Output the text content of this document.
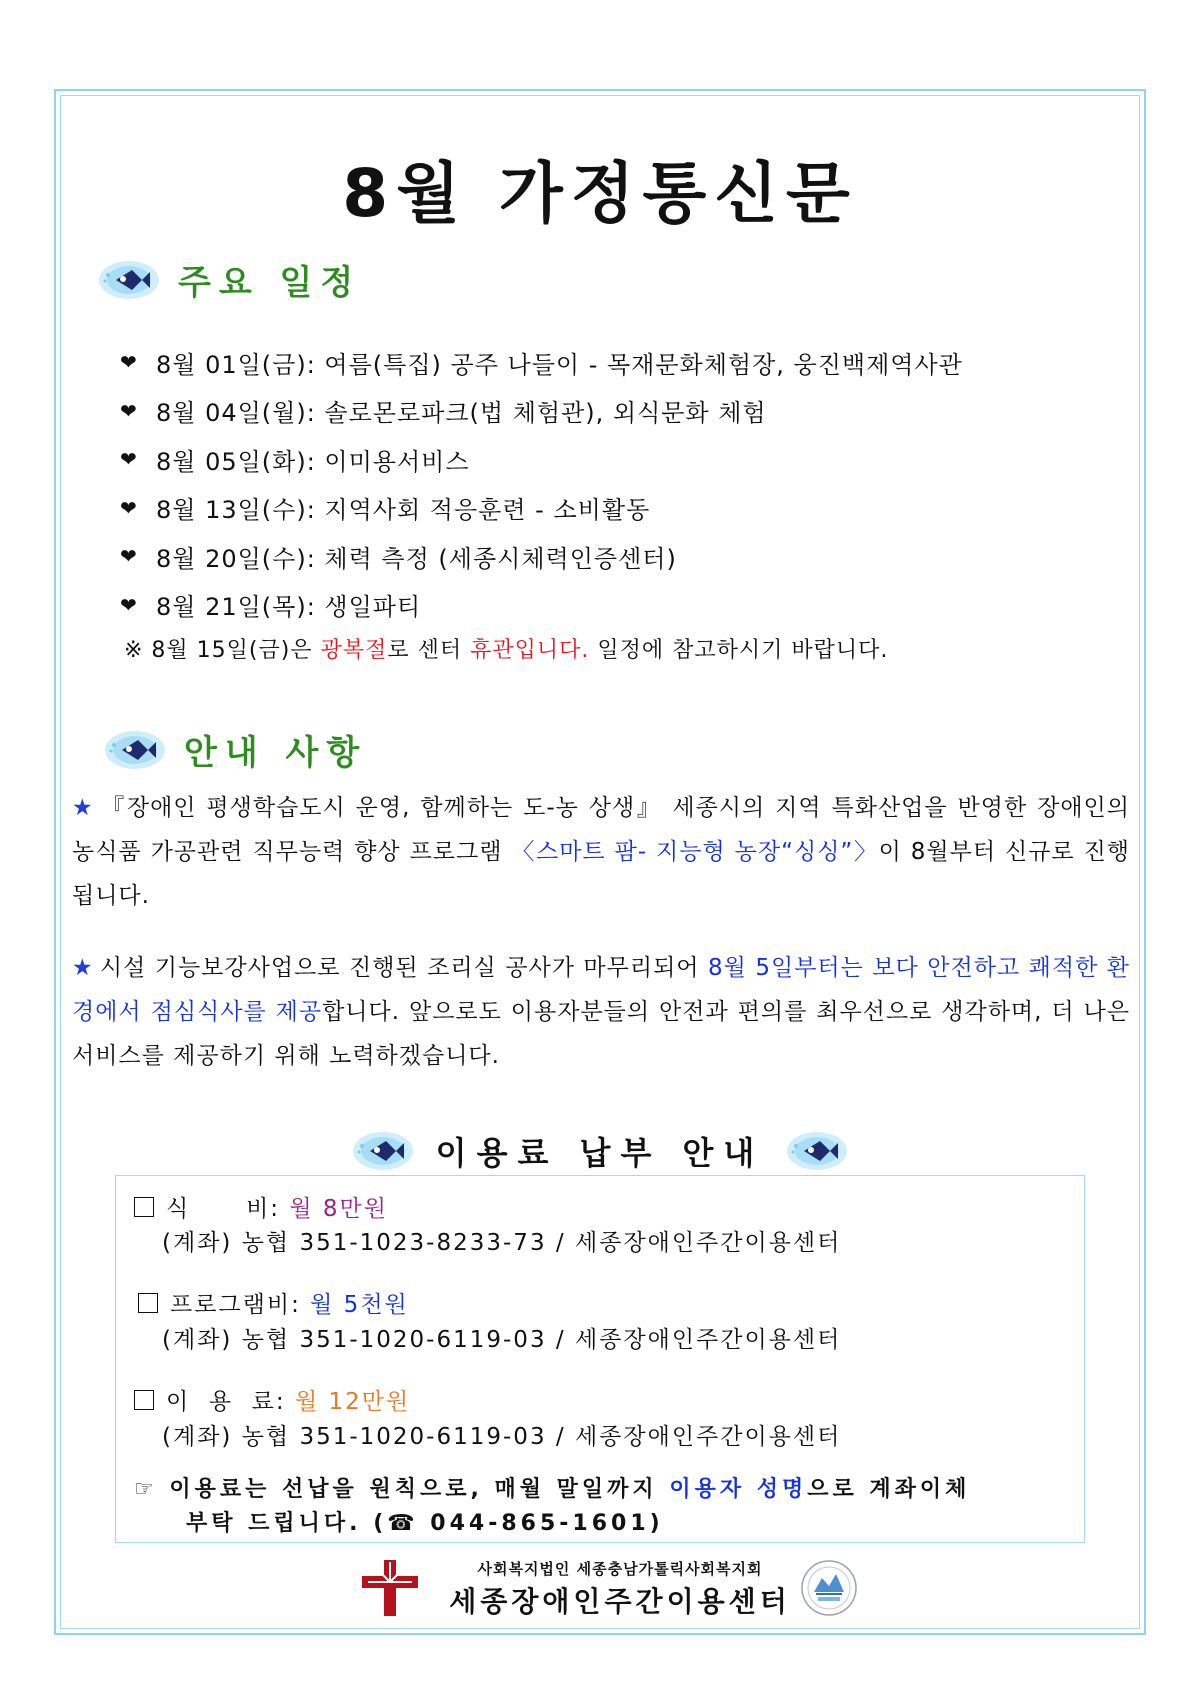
8월 가정통신문
주요 일정
❤ 8월 01일(금): 여름(특집) 공주 나들이 - 목재문화체험장, 웅진백제역사관
❤ 8월 04일(월): 솔로몬로파크(법 체험관), 외식문화 체험
❤ 8월 05일(화): 이미용서비스
❤ 8월 13일(수): 지역사회 적응훈련 - 소비활동
❤ 8월 20일(수): 체력 측정 (세종시체력인증센터)
❤ 8월 21일(목): 생일파티
※ 8월 15일(금)은 광복절로 센터 휴관입니다. 일정에 참고하시기 바랍니다.
안내 사항

★ 『장애인 평생학습도시 운영, 함께하는 도-농 상생』 세종시의 지역 특화산업을 반영한 장애인의 농식품 가공관련 직무능력 향상 프로그램 〈스마트 팜- 지능형 농장“싱싱”〉이 8월부터 신규로 진행 됩니다.

★ 시설 기능보강사업으로 진행된 조리실 공사가 마무리되어 8월 5일부터는 보다 안전하고 쾌적한 환경에서 점심식사를 제공합니다. 앞으로도 이용자분들의 안전과 편의를 최우선으로 생각하며, 더 나은 서비스를 제공하기 위해 노력하겠습니다.

이용료 납부 안내
식      비: 월 8만원
(계좌) 농협 351-1023-8233-73 / 세종장애인주간이용센터
프로그램비: 월 5천원
(계좌) 농협 351-1020-6119-03 / 세종장애인주간이용센터
이  용  료: 월 12만원
(계좌) 농협 351-1020-6119-03 / 세종장애인주간이용센터
☞ 이용료는 선납을 원칙으로, 매월 말일까지 이용자 성명으로 계좌이체
부탁 드립니다. (☎ 044-865-1601)
사회복지법인 세종충남가톨릭사회복지회
세종장애인주간이용센터
